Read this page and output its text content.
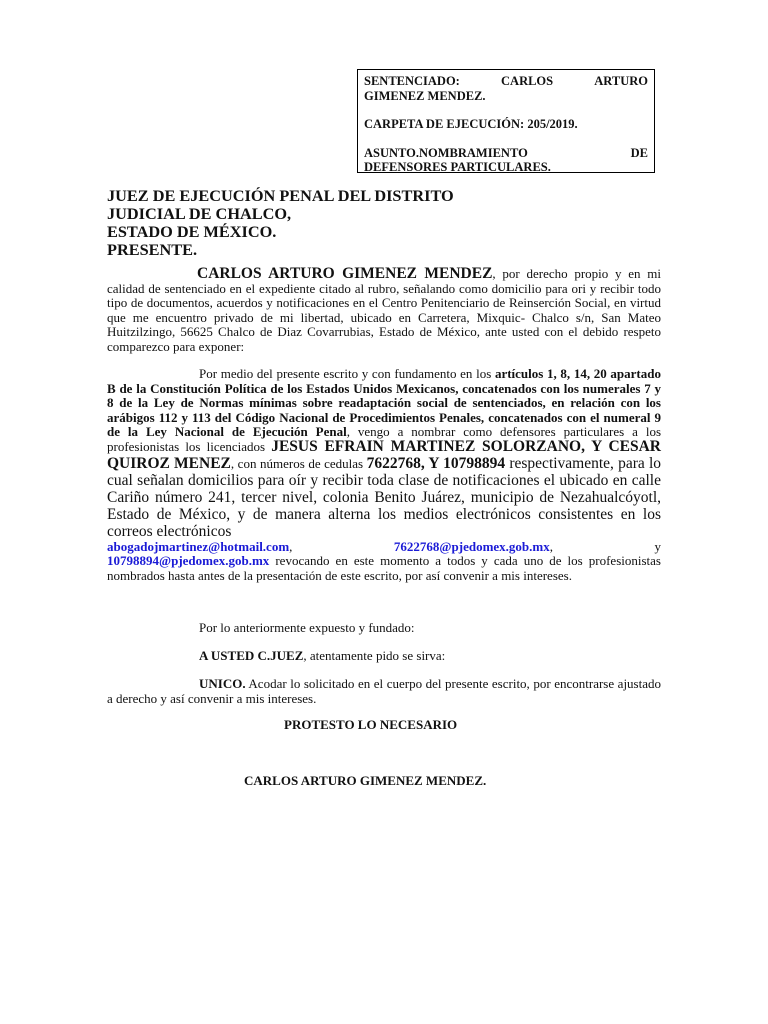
SENTENCIADO:	CARLOS	ARTURO
GIMENEZ MENDEZ.
CARPETA DE EJECUCIÓN: 205/2019.
ASUNTO.NOMBRAMIENTO	DE
DEFENSORES PARTICULARES.
JUEZ DE EJECUCIÓN PENAL DEL DISTRITO
JUDICIAL DE CHALCO,
ESTADO DE MÉXICO.
PRESENTE.
CARLOS ARTURO GIMENEZ MENDEZ, por derecho propio y en mi calidad de sentenciado en el expediente citado al rubro, señalando como domicilio para ori y recibir todo tipo de documentos, acuerdos y notificaciones en el Centro Penitenciario de Reinserción Social, en virtud que me encuentro privado de mi libertad, ubicado en Carretera, Mixquic- Chalco s/n, San Mateo Huitzilzingo, 56625 Chalco de Diaz Covarrubias, Estado de México, ante usted con el debido respeto comparezco para exponer:
Por medio del presente escrito y con fundamento en los artículos 1, 8, 14, 20 apartado B de la Constitución Política de los Estados Unidos Mexicanos, concatenados con los numerales 7 y 8 de la Ley de Normas mínimas sobre readaptación social de sentenciados, en relación con los arábigos 112 y 113 del Código Nacional de Procedimientos Penales, concatenados con el numeral 9 de la Ley Nacional de Ejecución Penal, vengo a nombrar como defensores particulares a los profesionistas los licenciados JESUS EFRAIN MARTINEZ SOLORZANO, Y CESAR QUIROZ MENEZ, con números de cedulas 7622768, Y 10798894 respectivamente, para lo cual señalan domicilios para oír y recibir toda clase de notificaciones el ubicado en calle Cariño número 241, tercer nivel, colonia Benito Juárez, municipio de Nezahualcóyotl, Estado de México, y de manera alterna los medios electrónicos consistentes en los correos electrónicos
abogadojmartinez@hotmail.com,	7622768@pjedomex.gob.mx,	y
10798894@pjedomex.gob.mx revocando en este momento a todos y cada uno de los profesionistas nombrados hasta antes de la presentación de este escrito, por así convenir a mis intereses.
Por lo anteriormente expuesto y fundado:
A USTED C.JUEZ, atentamente pido se sirva:
UNICO. Acodar lo solicitado en el cuerpo del presente escrito, por encontrarse ajustado a derecho y así convenir a mis intereses.
PROTESTO LO NECESARIO
CARLOS ARTURO GIMENEZ MENDEZ.
